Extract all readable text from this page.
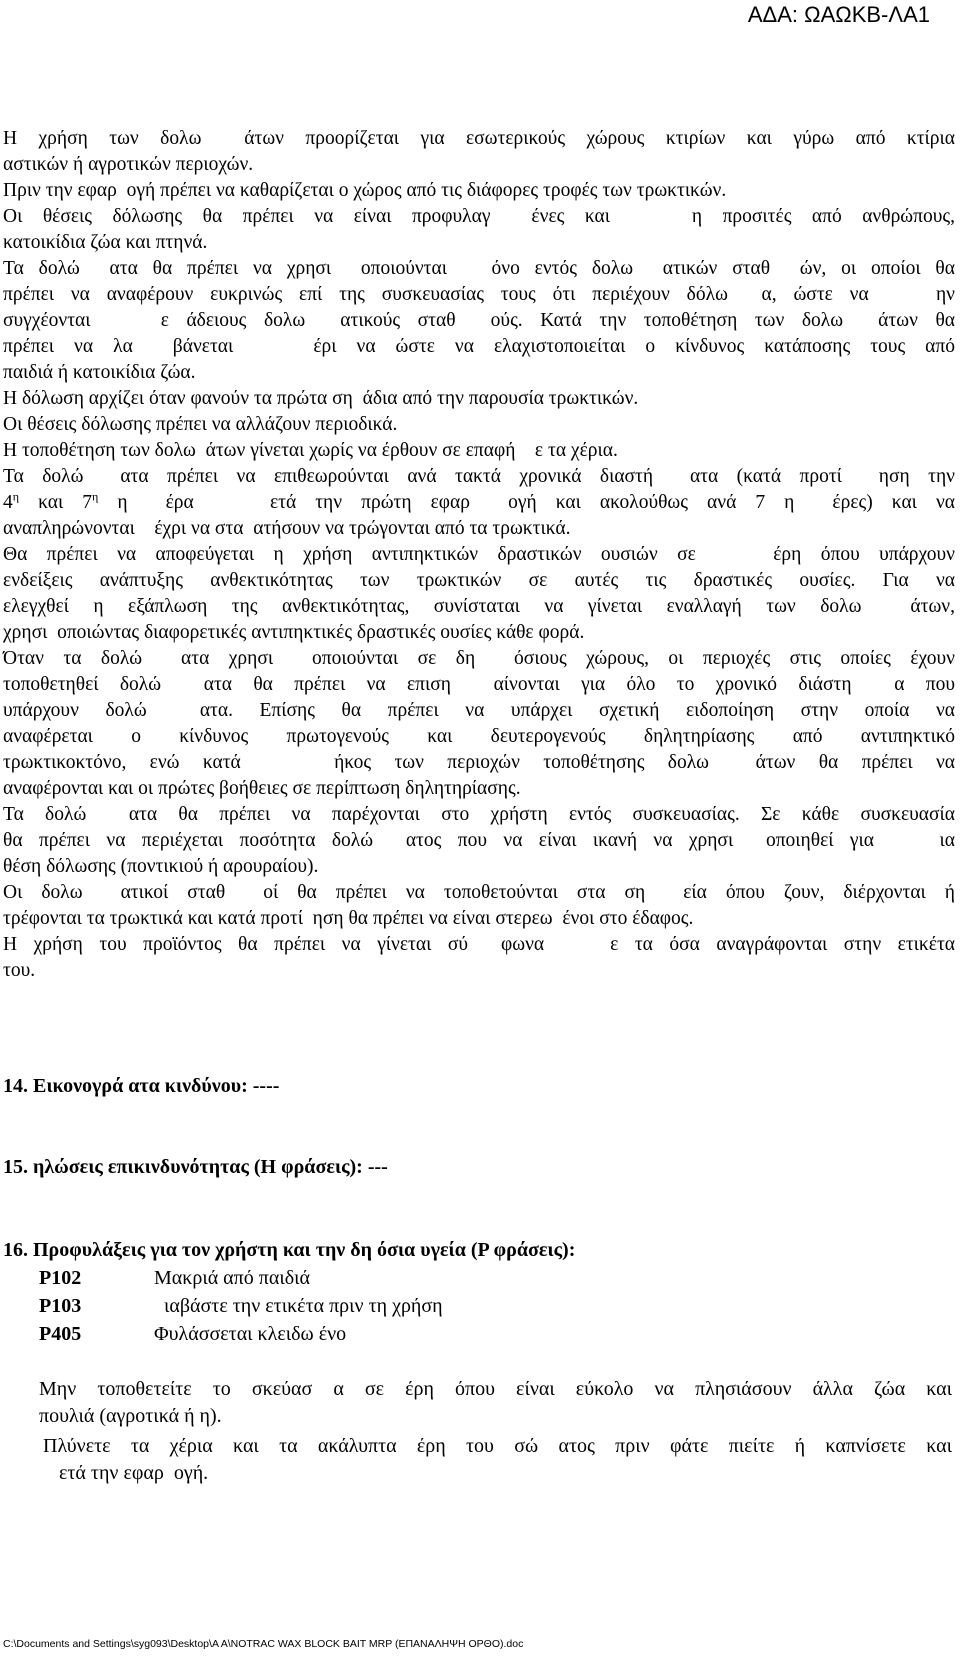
ΑΔΑ: ΩΑΩΚΒ-ΛΑ1
Η χρήση των δολω  άτων προορίζεται για εσωτερικούς χώρους κτιρίων και γύρω από κτίρια
αστικών ή αγροτικών περιοχών.
Πριν την εφαρ  ογή πρέπει να καθαρίζεται ο χώρος από τις διάφορες τροφές των τρωκτικών.
Οι θέσεις δόλωσης θα πρέπει να είναι προφυλαγ  ένες και    η προσιτές από ανθρώπους,
κατοικίδια ζώα και πτηνά.
Τα δολώ  ατα θα πρέπει να χρησι  οποιούνται   όνο εντός δολω  ατικών σταθ  ών, οι οποίοι θα
πρέπει να αναφέρουν ευκρινώς επί της συσκευασίας τους ότι περιέχουν δόλω  α, ώστε να    ην
συγχέονται    ε άδειους δολω  ατικούς σταθ  ούς. Κατά την τοποθέτηση των δολω  άτων θα
πρέπει να λα  βάνεται    έρι να ώστε να ελαχιστοποιείται ο κίνδυνος κατάποσης τους από
παιδιά ή κατοικίδια ζώα.
Η δόλωση αρχίζει όταν φανούν τα πρώτα ση  άδια από την παρουσία τρωκτικών.
Οι θέσεις δόλωσης πρέπει να αλλάζουν περιοδικά.
Η τοποθέτηση των δολω  άτων γίνεται χωρίς να έρθουν σε επαφή    ε τα χέρια.
Τα δολώ  ατα πρέπει να επιθεωρούνται ανά τακτά χρονικά διαστή  ατα (κατά προτί  ηση την
$4^\eta$ και $7^\eta$ η  έρα    ετά την πρώτη εφαρ  ογή και ακολούθως ανά 7 η  έρες) και να
αναπληρώνονται    έχρι να στα  ατήσουν να τρώγονται από τα τρωκτικά.
Θα πρέπει να αποφεύγεται η χρήση αντιπηκτικών δραστικών ουσιών σε    έρη όπου υπάρχουν
ενδείξεις ανάπτυξης ανθεκτικότητας των τρωκτικών σε αυτές τις δραστικές ουσίες. Για να
ελεγχθεί η εξάπλωση της ανθεκτικότητας, συνίσταται να γίνεται εναλλαγή των δολω  άτων,
χρησι  οποιώντας διαφορετικές αντιπηκτικές δραστικές ουσίες κάθε φορά.
Όταν τα δολώ  ατα χρησι  οποιούνται σε δη  όσιους χώρους, οι περιοχές στις οποίες έχουν
τοποθετηθεί δολώ  ατα θα πρέπει να επιση  αίνονται για όλο το χρονικό διάστη  α που
υπάρχουν δολώ  ατα. Επίσης θα πρέπει να υπάρχει σχετική ειδοποίηση στην οποία να
αναφέρεται ο κίνδυνος πρωτογενούς και δευτερογενούς δηλητηρίασης από αντιπηκτικό
τρωκτικοκτόνο, ενώ κατά    ήκος των περιοχών τοποθέτησης δολω  άτων θα πρέπει να
αναφέρονται και οι πρώτες βοήθειες σε περίπτωση δηλητηρίασης.
Τα δολώ  ατα θα πρέπει να παρέχονται στο χρήστη εντός συσκευασίας. Σε κάθε συσκευασία
θα πρέπει να περιέχεται ποσότητα δολώ  ατος που να είναι ικανή να χρησι  οποιηθεί για    ια
θέση δόλωσης (ποντικιού ή αρουραίου).
Οι δολω  ατικοί σταθ  οί θα πρέπει να τοποθετούνται στα ση  εία όπου ζουν, διέρχονται ή
τρέφονται τα τρωκτικά και κατά προτί  ηση θα πρέπει να είναι στερεω  ένοι στο έδαφος.
Η χρήση του προϊόντος θα πρέπει να γίνεται σύ  φωνα    ε τα όσα αναγράφονται στην ετικέτα
του.
14. Εικονογρά ατα κινδύνου: ----
15. ηλώσεις επικινδυνότητας (Η φράσεις): ---
16. Προφυλάξεις για τον χρήστη και την δη όσια υγεία (Ρ φράσεις):
P102	Μακριά από παιδιά
P103	ιαβάστε την ετικέτα πριν τη χρήση
P405	Φυλάσσεται κλειδω ένο
Μην τοποθετείτε το σκεύασ α σε έρη όπου είναι εύκολο να πλησιάσουν άλλα ζώα και
πουλιά (αγροτικά ή η).
Πλύνετε τα χέρια και τα ακάλυπτα έρη του σώ ατος πριν φάτε πιείτε ή καπνίσετε και
ετά την εφαρ  ογή.
C:\Documents and Settings\syg093\Desktop\Α Α\NOTRAC WAX BLOCK BAIT MRP (ΕΠΑΝΑΛΗΨΗ ΟΡΘΟ).doc
